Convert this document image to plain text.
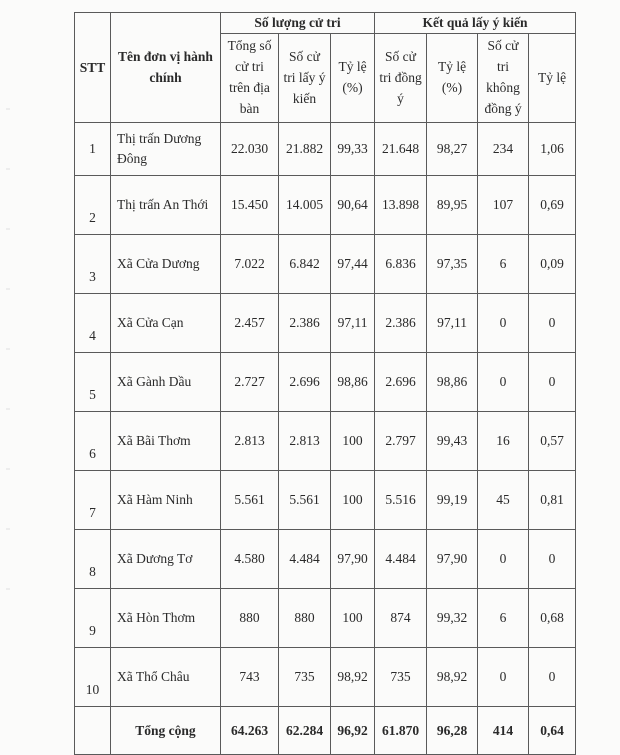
STT	Tên đơn vị hành chính	Số lượng cử tri			Kết quả lấy ý kiến			
		Tổng số cử tri trên địa bàn	Số cử tri lấy ý kiến	Tỷ lệ (%)	Số cử tri đồng ý	Tỷ lệ (%)	Số cử tri không đồng ý	Tỷ lệ
1	Thị trấn Dương Đông	22.030	21.882	99,33	21.648	98,27	234	1,06
2	Thị trấn An Thới	15.450	14.005	90,64	13.898	89,95	107	0,69
3	Xã Cửa Dương	7.022	6.842	97,44	6.836	97,35	6	0,09
4	Xã Cửa Cạn	2.457	2.386	97,11	2.386	97,11	0	0
5	Xã Gành Dầu	2.727	2.696	98,86	2.696	98,86	0	0
6	Xã Bãi Thơm	2.813	2.813	100	2.797	99,43	16	0,57
7	Xã Hàm Ninh	5.561	5.561	100	5.516	99,19	45	0,81
8	Xã Dương Tơ	4.580	4.484	97,90	4.484	97,90	0	0
9	Xã Hòn Thơm	880	880	100	874	99,32	6	0,68
10	Xã Thổ Châu	743	735	98,92	735	98,92	0	0
	Tổng cộng	64.263	62.284	96,92	61.870	96,28	414	0,64
